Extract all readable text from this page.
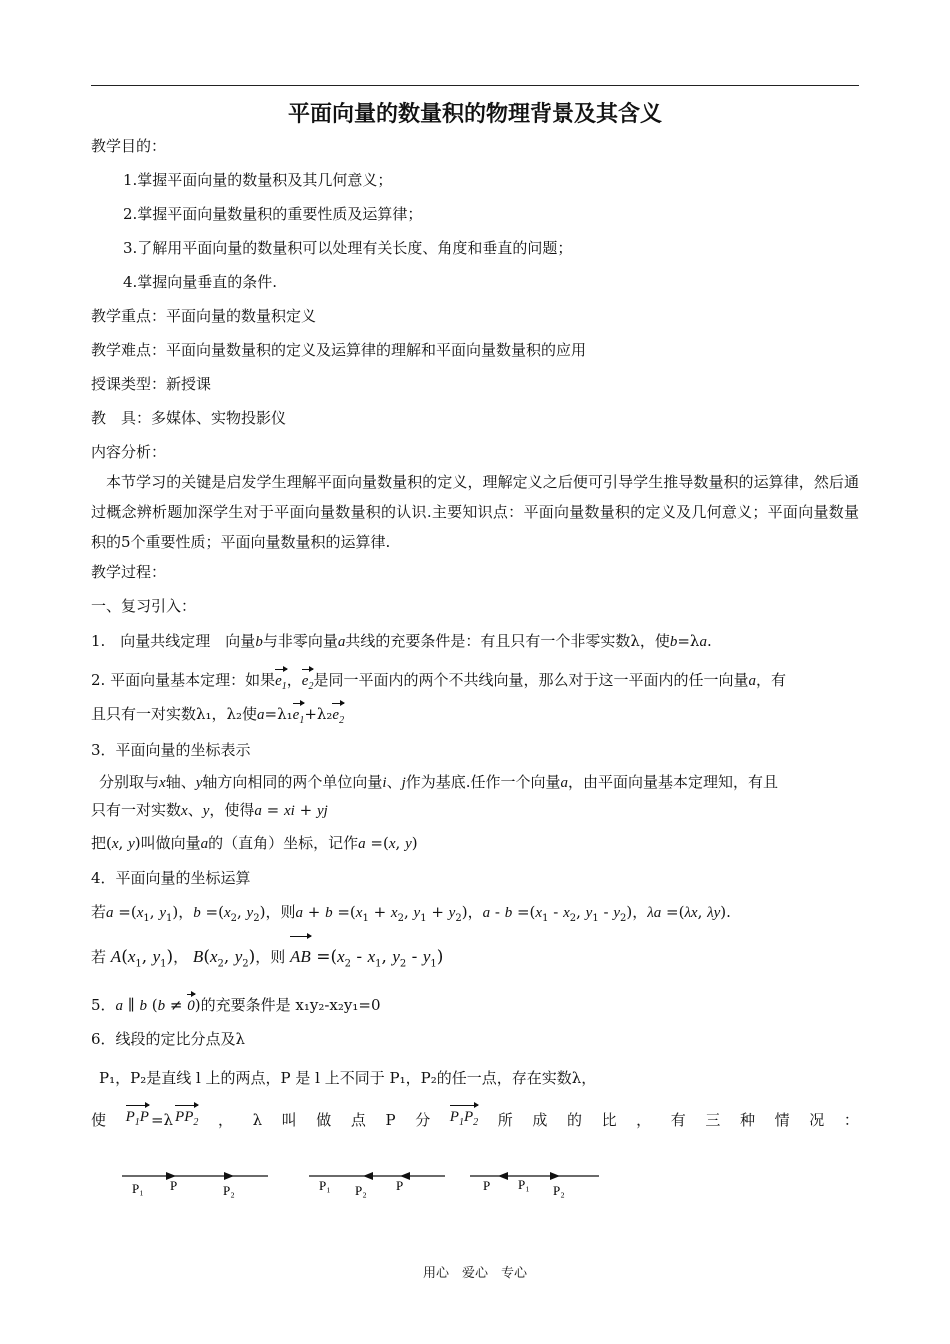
平面向量的数量积的物理背景及其含义
教学目的：
1.掌握平面向量的数量积及其几何意义；
2.掌握平面向量数量积的重要性质及运算律；
3.了解用平面向量的数量积可以处理有关长度、角度和垂直的问题；
4.掌握向量垂直的条件.
教学重点：平面向量的数量积定义
教学难点：平面向量数量积的定义及运算律的理解和平面向量数量积的应用
授课类型：新授课
教　具：多媒体、实物投影仪
内容分析：
本节学习的关键是启发学生理解平面向量数量积的定义，理解定义之后便可引导学生推导数量积的运算律，然后通过概念辨析题加深学生对于平面向量数量积的认识.主要知识点：平面向量数量积的定义及几何意义；平面向量数量积的5个重要性质；平面向量数量积的运算律.
教学过程：
一、复习引入：
1.　向量共线定理　向量b与非零向量a共线的充要条件是：有且只有一个非零实数λ，使b=λa.
2. 平面向量基本定理：如果$e_1$，$e_2$是同一平面内的两个不共线向量，那么对于这一平面内的任一向量a，有
且只有一对实数λ₁，λ₂使$a=\lambda_1e_1+\lambda_2e_2$
3．平面向量的坐标表示
分别取与x轴、y轴方向相同的两个单位向量i、j作为基底.任作一个向量a，由平面向量基本定理知，有且
只有一对实数x、y，使得a = xi + yj
把(x, y)叫做向量a的（直角）坐标，记作a =(x, y)
4．平面向量的坐标运算
若$a =(x_1$, $y_1$)，$b =(x_2$, $y_2$)，则$a + b =(x_1 + x_2$, $y_1 + y_2$)，$a - b =(x_1 - x_2$, $y_1 - y_2$)，λa =(λx, λy).
若 $A(x_1$, $y_1$)， $B(x_2$, $y_2$)，则 AB $=(x_2 - x_1$, $y_2 - y_1$)
5．a ∥ b (b ≠ 0)的充要条件是 x₁y₂-x₂y₁=0
6．线段的定比分点及λ
P₁，P₂是直线 l 上的两点，P 是 l 上不同于 P₁，P₂的任一点，存在实数λ，
使 $P_1P =\lambda$ $PP_2$ ， λ 叫 做 点 P 分 $P_1P_2$ 所 成 的 比 ， 有 三 种 情 况 ：
P₁ P	P₂	P₁ P₂ P	P P₁ P₂
用心　爱心　专心
